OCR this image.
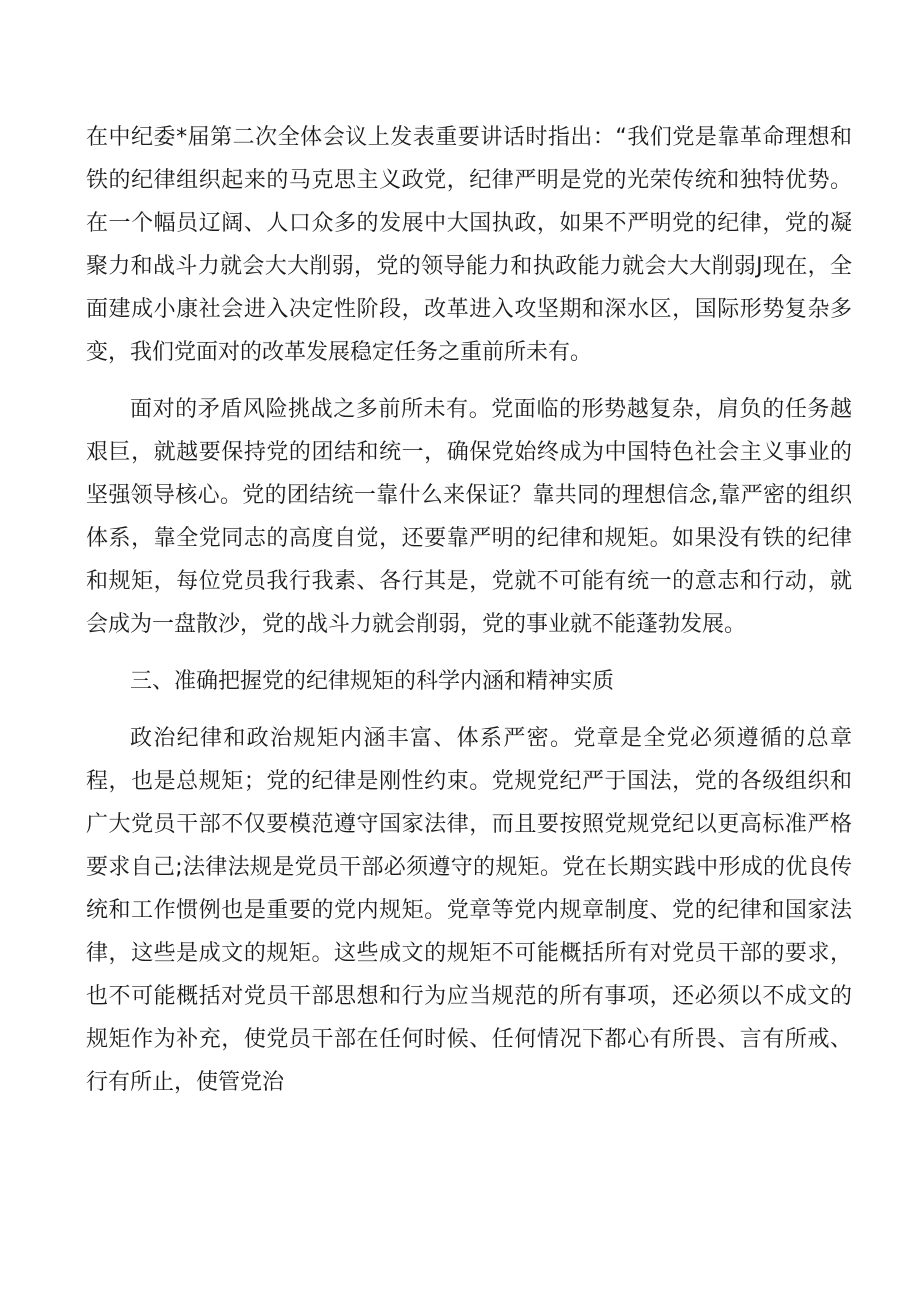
在中纪委*届第二次全体会议上发表重要讲话时指出：“我们党是靠革命理想和铁的纪律组织起来的马克思主义政党，纪律严明是党的光荣传统和独特优势。在一个幅员辽阔、人口众多的发展中大国执政，如果不严明党的纪律，党的凝聚力和战斗力就会大大削弱，党的领导能力和执政能力就会大大削弱J现在，全面建成小康社会进入决定性阶段，改革进入攻坚期和深水区，国际形势复杂多变，我们党面对的改革发展稳定任务之重前所未有。

面对的矛盾风险挑战之多前所未有。党面临的形势越复杂，肩负的任务越艰巨，就越要保持党的团结和统一，确保党始终成为中国特色社会主义事业的坚强领导核心。党的团结统一靠什么来保证？靠共同的理想信念,靠严密的组织体系，靠全党同志的高度自觉，还要靠严明的纪律和规矩。如果没有铁的纪律和规矩，每位党员我行我素、各行其是，党就不可能有统一的意志和行动，就会成为一盘散沙，党的战斗力就会削弱，党的事业就不能蓬勃发展。

三、准确把握党的纪律规矩的科学内涵和精神实质

政治纪律和政治规矩内涵丰富、体系严密。党章是全党必须遵循的总章程，也是总规矩；党的纪律是刚性约束。党规党纪严于国法，党的各级组织和广大党员干部不仅要模范遵守国家法律，而且要按照党规党纪以更高标准严格要求自己;法律法规是党员干部必须遵守的规矩。党在长期实践中形成的优良传统和工作惯例也是重要的党内规矩。党章等党内规章制度、党的纪律和国家法律，这些是成文的规矩。这些成文的规矩不可能概括所有对党员干部的要求，也不可能概括对党员干部思想和行为应当规范的所有事项，还必须以不成文的规矩作为补充，使党员干部在任何时候、任何情况下都心有所畏、言有所戒、行有所止，使管党治
